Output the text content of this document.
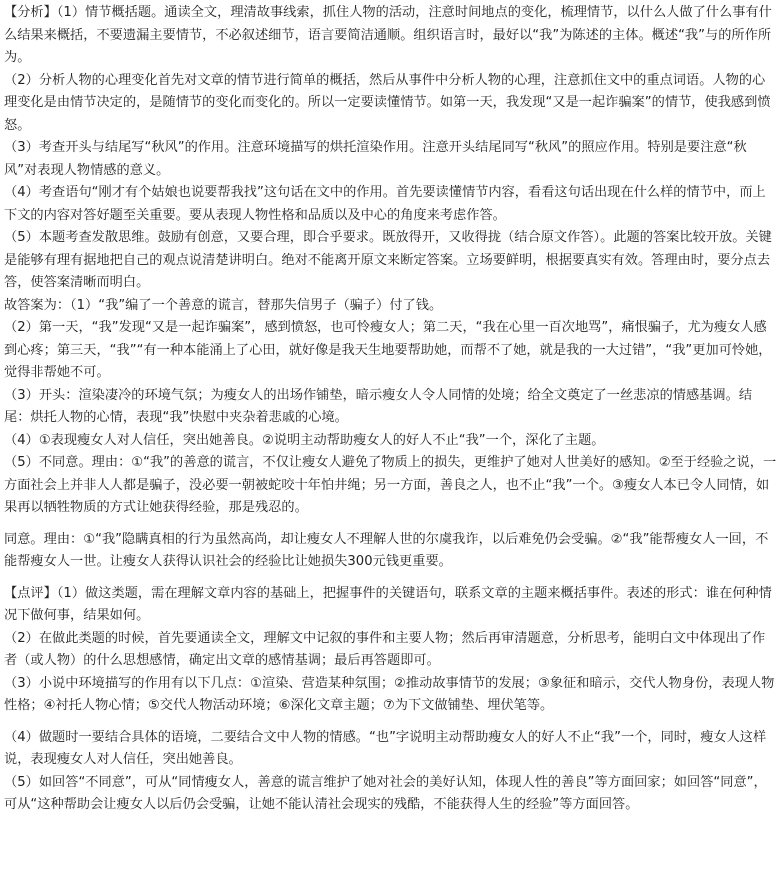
【分析】（1）情节概括题。通读全文，理清故事线索，抓住人物的活动，注意时间地点的变化，梳理情节，以什么人做了什么事有什么结果来概括，不要遗漏主要情节，不必叙述细节，语言要简洁通顺。组织语言时，最好以“我”为陈述的主体。概述“我”与的所作所为。

（2）分析人物的心理变化首先对文章的情节进行简单的概括，然后从事件中分析人物的心理，注意抓住文中的重点词语。人物的心理变化是由情节决定的，是随情节的变化而变化的。所以一定要读懂情节。如第一天，我发现“又是一起诈骗案”的情节，使我感到愤怒。

（3）考查开头与结尾写“秋风”的作用。注意环境描写的烘托渲染作用。注意开头结尾同写“秋风”的照应作用。特别是要注意“秋风”对表现人物情感的意义。

（4）考查语句“刚才有个姑娘也说要帮我找”这句话在文中的作用。首先要读懂情节内容，看看这句话出现在什么样的情节中，而上下文的内容对答好题至关重要。要从表现人物性格和品质以及中心的角度来考虑作答。

（5）本题考查发散思维。鼓励有创意，又要合理，即合乎要求。既放得开，又收得拢（结合原文作答）。此题的答案比较开放。关键是能够有理有据地把自己的观点说清楚讲明白。绝对不能离开原文来断定答案。立场要鲜明，根据要真实有效。答理由时，要分点去答，使答案清晰而明白。

故答案为：（1）“我”编了一个善意的谎言，替那失信男子（骗子）付了钱。

（2）第一天，“我”发现“又是一起诈骗案”，感到愤怒，也可怜瘦女人；第二天，“我在心里一百次地骂”，痛恨骗子，尤为瘦女人感到心疼；第三天，“我”“有一种本能涌上了心田，就好像是我天生地要帮助她，而帮不了她，就是我的一大过错”，“我”更加可怜她，觉得非帮她不可。

（3）开头：渲染凄冷的环境气氛；为瘦女人的出场作铺垫，暗示瘦女人令人同情的处境；给全文奠定了一丝悲凉的情感基调。结尾：烘托人物的心情，表现“我”快慰中夹杂着悲戚的心境。

（4）①表现瘦女人对人信任，突出她善良。②说明主动帮助瘦女人的好人不止“我”一个，深化了主题。

（5）不同意。理由：①“我”的善意的谎言，不仅让瘦女人避免了物质上的损失，更维护了她对人世美好的感知。②至于经验之说，一方面社会上并非人人都是骗子，没必要一朝被蛇咬十年怕井绳；另一方面，善良之人，也不止“我”一个。③瘦女人本已令人同情，如果再以牺牲物质的方式让她获得经验，那是残忍的。

同意。理由：①“我”隐瞒真相的行为虽然高尚，却让瘦女人不理解人世的尔虞我诈，以后难免仍会受骗。②“我”能帮瘦女人一回，不能帮瘦女人一世。让瘦女人获得认识社会的经验比让她损失300元钱更重要。

【点评】（1）做这类题，需在理解文章内容的基础上，把握事件的关键语句，联系文章的主题来概括事件。表述的形式：谁在何种情况下做何事，结果如何。

（2）在做此类题的时候，首先要通读全文，理解文中记叙的事件和主要人物；然后再审清题意，分析思考，能明白文中体现出了作者（或人物）的什么思想感情，确定出文章的感情基调；最后再答题即可。

（3）小说中环境描写的作用有以下几点：①渲染、营造某种氛围；②推动故事情节的发展；③象征和暗示，交代人物身份，表现人物性格；④衬托人物心情；⑤交代人物活动环境；⑥深化文章主题；⑦为下文做铺垫、埋伏笔等。

（4）做题时一要结合具体的语境，二要结合文中人物的情感。“也”字说明主动帮助瘦女人的好人不止“我”一个，同时，瘦女人这样说，表现瘦女人对人信任，突出她善良。

（5）如回答“不同意”，可从“同情瘦女人，善意的谎言维护了她对社会的美好认知，体现人性的善良”等方面回家；如回答“同意”，可从“这种帮助会让瘦女人以后仍会受骗，让她不能认清社会现实的残酷，不能获得人生的经验”等方面回答。
